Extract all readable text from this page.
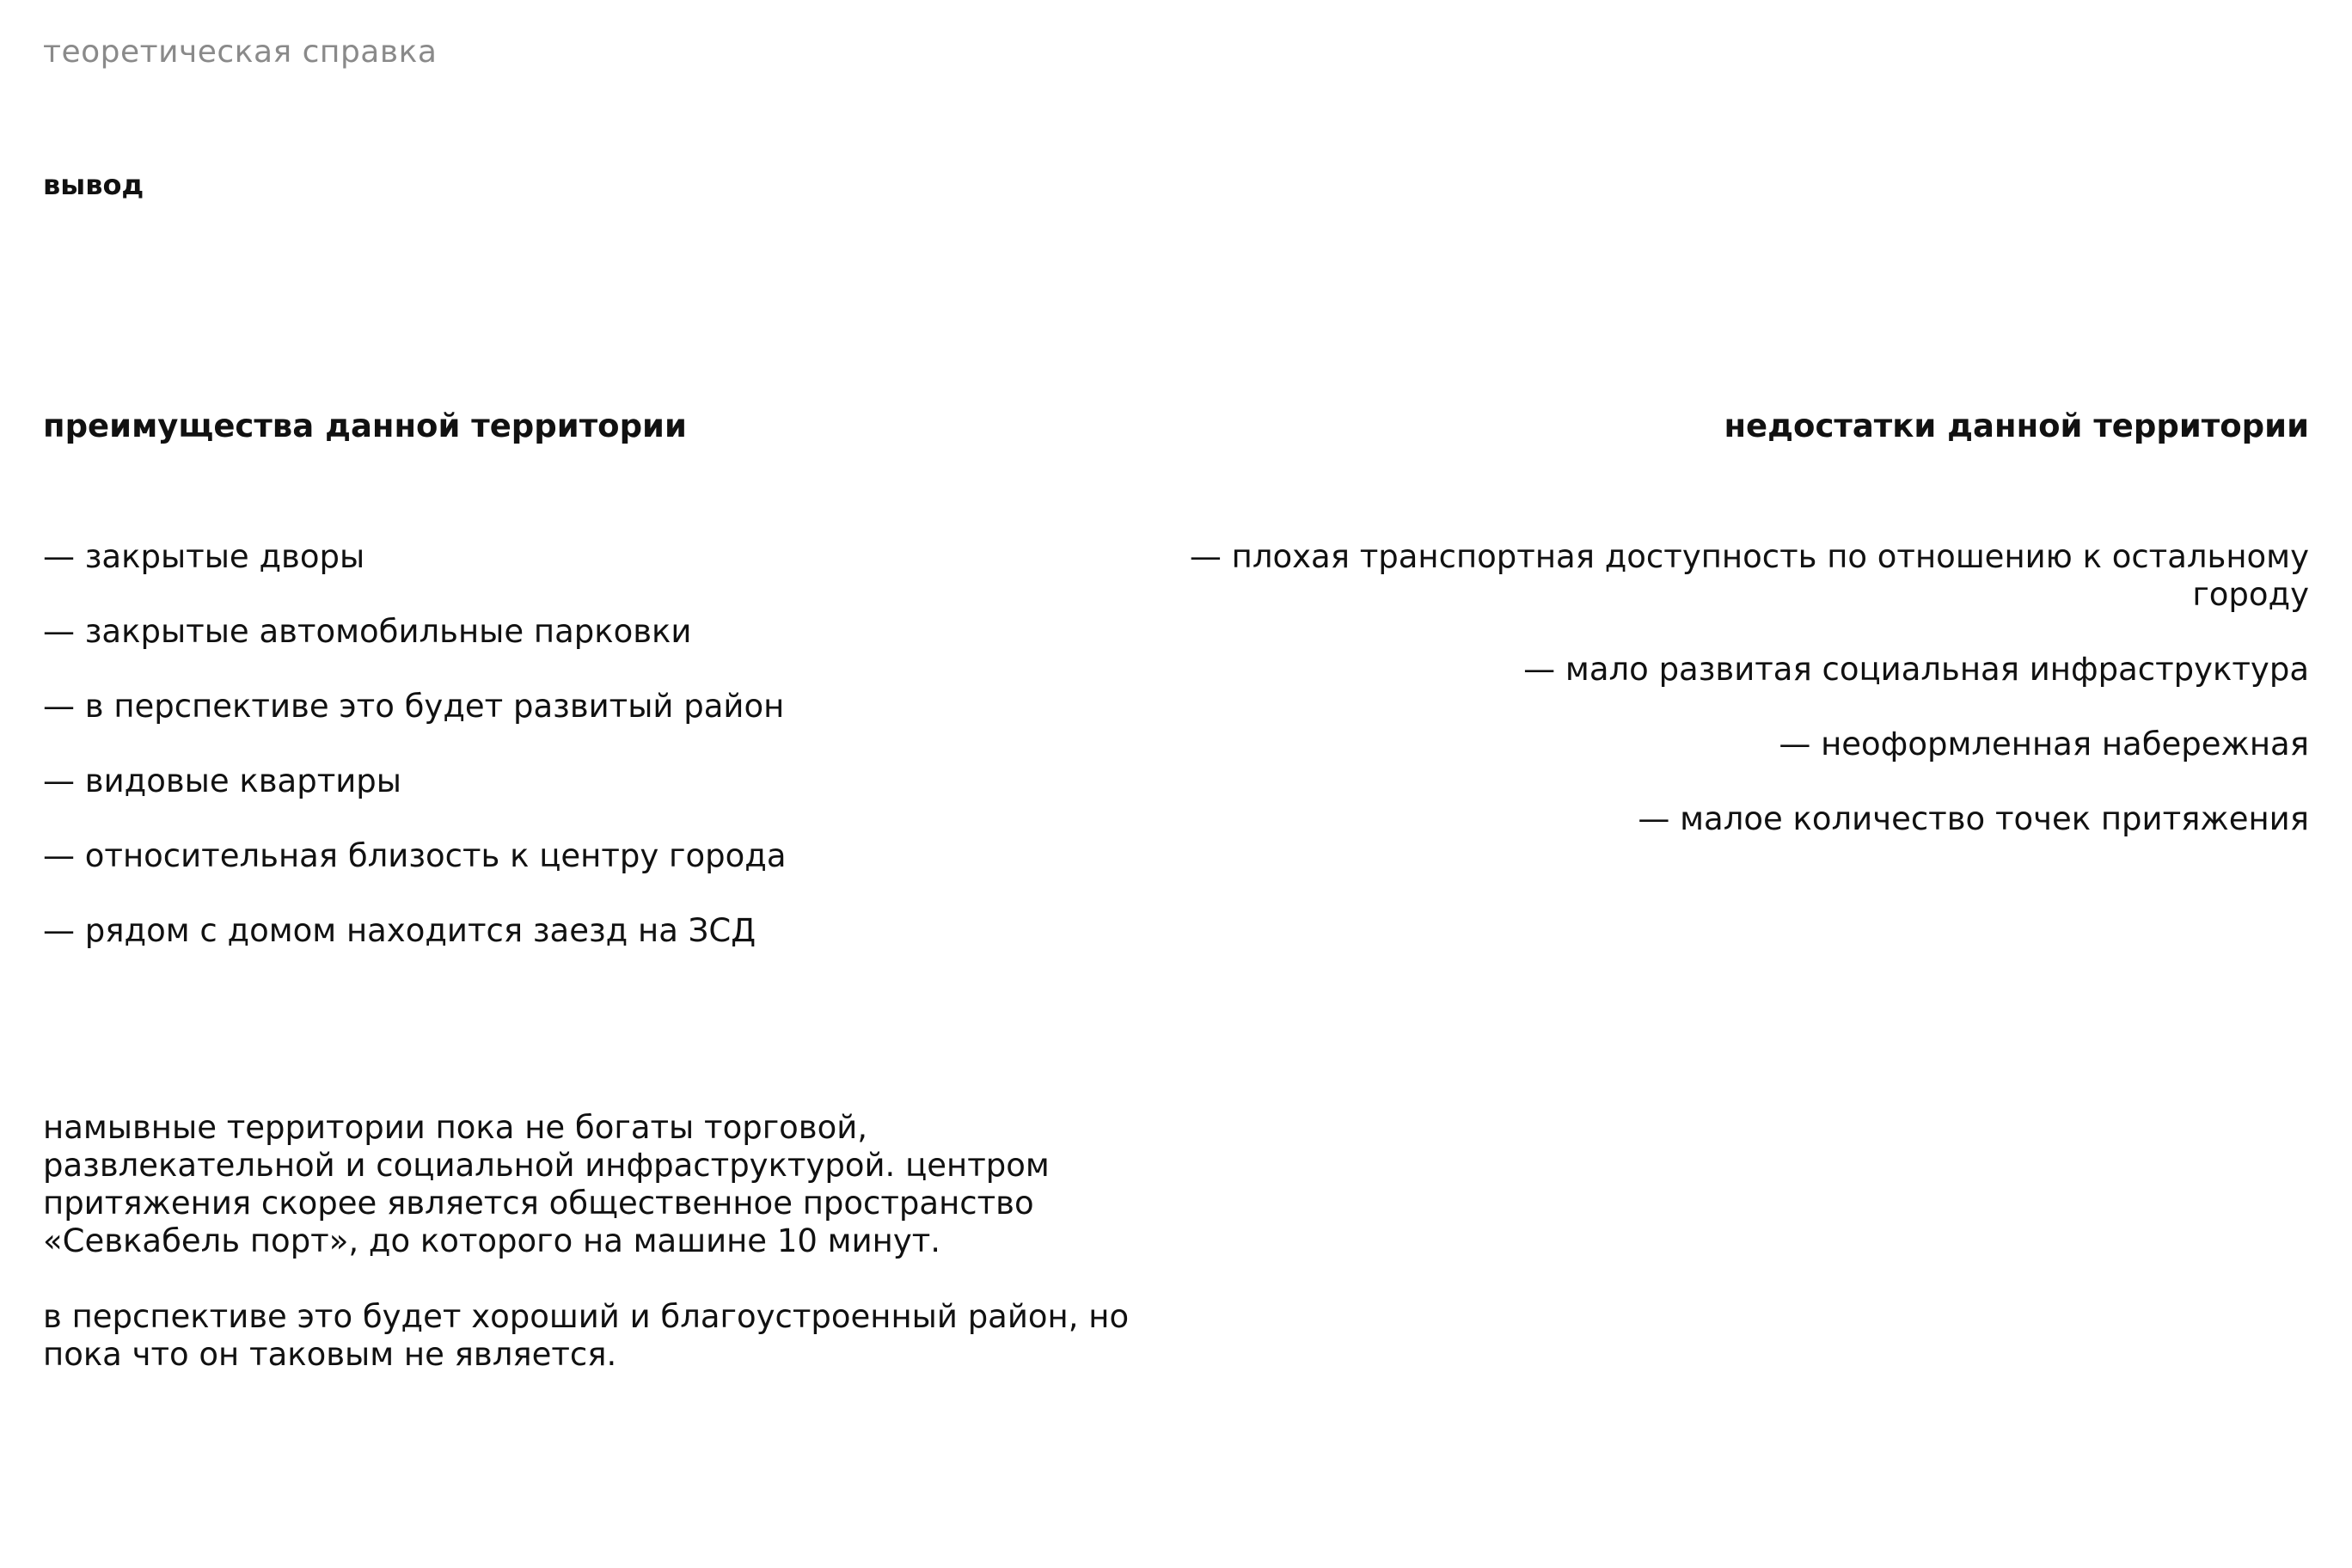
теоретическая справка
вывод
преимущества данной территории	недостатки данной территории
— закрытые дворы
— закрытые автомобильные парковки
— в перспективе это будет развитый район
— видовые квартиры
— относительная близость к центру города
— рядом с домом находится заезд на ЗСД
— плохая транспортная доступность по отношению к остальному городу
— мало развитая социальная инфраструктура
— неоформленная набережная
— малое количество точек притяжения

намывные территории пока не богаты торговой, развлекательной и социальной инфраструктурой. центром притяжения скорее является общественное пространство «Севкабель порт», до которого на машине 10 минут.

в перспективе это будет хороший и благоустроенный район, но пока что он таковым не является.
